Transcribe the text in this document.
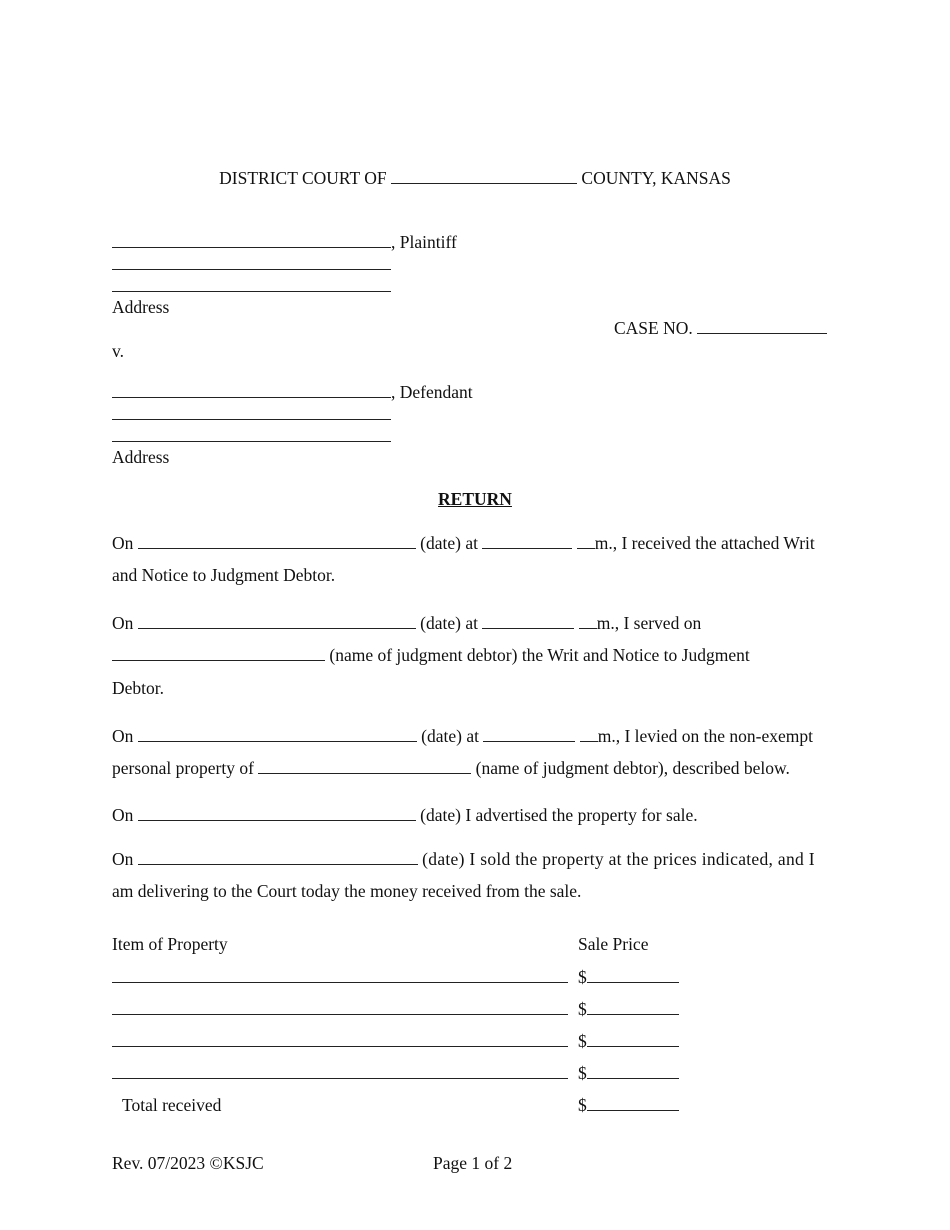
DISTRICT COURT OF	COUNTY, KANSAS
, Plaintiff
Address
CASE NO.
v.
, Defendant
Address
RETURN
On	(date) at	m., I received the attached Writ
and Notice to Judgment Debtor.
On	(date) at	m., I served on
(name of judgment debtor) the Writ and Notice to Judgment
Debtor.
On	(date) at	m., I levied on the non-exempt
personal property of	(name of judgment debtor), described below.
On	(date) I advertised the property for sale.
On	(date) I sold the property at the prices indicated, and I
am delivering to the Court today the money received from the sale.
Item of Property	Sale Price
$
$
$
$
Total received	$
Rev. 07/2023 ©KSJC	Page 1 of 2
